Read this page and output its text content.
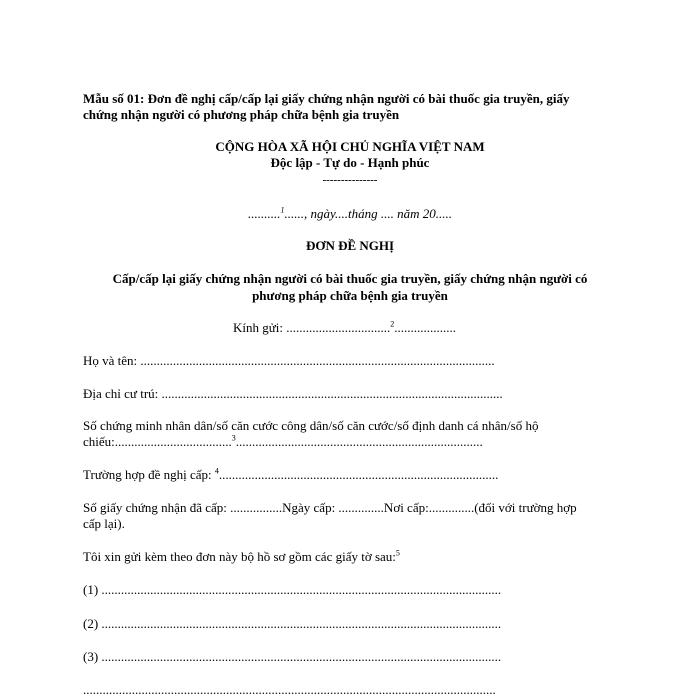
Mẫu số 01: Đơn đề nghị cấp/cấp lại giấy chứng nhận người có bài thuốc gia truyền, giấy
chứng nhận người có phương pháp chữa bệnh gia truyền
CỘNG HÒA XÃ HỘI CHỦ NGHĨA VIỆT NAM
Độc lập - Tự do - Hạnh phúc
---------------
..........$^1$......, ngày....tháng .... năm 20.....
ĐƠN ĐỀ NGHỊ
Cấp/cấp lại giấy chứng nhận người có bài thuốc gia truyền, giấy chứng nhận người có
phương pháp chữa bệnh gia truyền
Kính gửi: ................................$^2$...................
Họ và tên: .............................................................................................................
Địa chỉ cư trú: .........................................................................................................
Số chứng minh nhân dân/số căn cước công dân/số căn cước/số định danh cá nhân/số hộ
chiếu:....................................$^3$............................................................................
Trường hợp đề nghị cấp: $^4$......................................................................................
Số giấy chứng nhận đã cấp: ................Ngày cấp: ..............Nơi cấp:..............(đối với trường hợp
cấp lại).
Tôi xin gửi kèm theo đơn này bộ hồ sơ gồm các giấy tờ sau:$^5$
(1) ...........................................................................................................................
(2) ...........................................................................................................................
(3) ...........................................................................................................................
...............................................................................................................................
